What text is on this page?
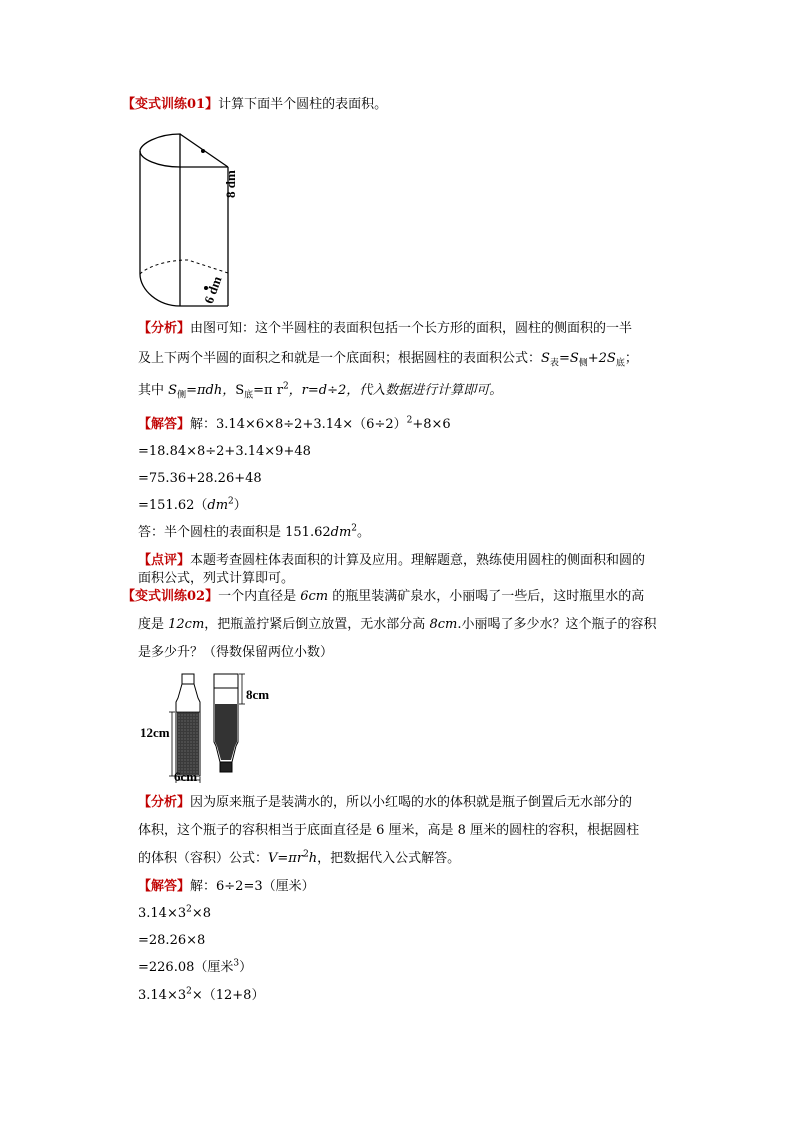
【变式训练01】计算下面半个圆柱的表面积。
8 dm
6 dm
【分析】由图可知：这个半圆柱的表面积包括一个长方形的面积，圆柱的侧面积的一半
及上下两个半圆的面积之和就是一个底面积；根据圆柱的表面积公式：$S_表=S_侧+2S_底$；
其中 $S_侧=\pi dh$，$S_底=\pi$ $r^2$，r=d÷2，代入数据进行计算即可。
【解答】解：$3.14\times 6\times 8\div 2+3.14\times(6\div 2)^2+8\times 6$
=18.84×8÷2+3.14×9+48
=75.36+28.26+48
$=151.62(dm^2)$
答：半个圆柱的表面积是 $151.62dm^2$。
【点评】本题考查圆柱体表面积的计算及应用。理解题意，熟练使用圆柱的侧面积和圆的
面积公式，列式计算即可。
【变式训练02】一个内直径是 6cm 的瓶里装满矿泉水，小丽喝了一些后，这时瓶里水的高
度是 12cm，把瓶盖拧紧后倒立放置，无水部分高 8cm.小丽喝了多少水？这个瓶子的容积
是多少升？（得数保留两位小数）
8cm
12cm
6cm
【分析】因为原来瓶子是装满水的，所以小红喝的水的体积就是瓶子倒置后无水部分的
体积，这个瓶子的容积相当于底面直径是 6 厘米，高是 8 厘米的圆柱的容积，根据圆柱
的体积（容积）公式：$V=\pi r^2h$，把数据代入公式解答。
【解答】解：6÷2=3（厘米）
$3.14\times 3^2\times 8$
=28.26×8
=226.08（厘米$^3$）
$3.14\times 3^2\times(12+8)$
